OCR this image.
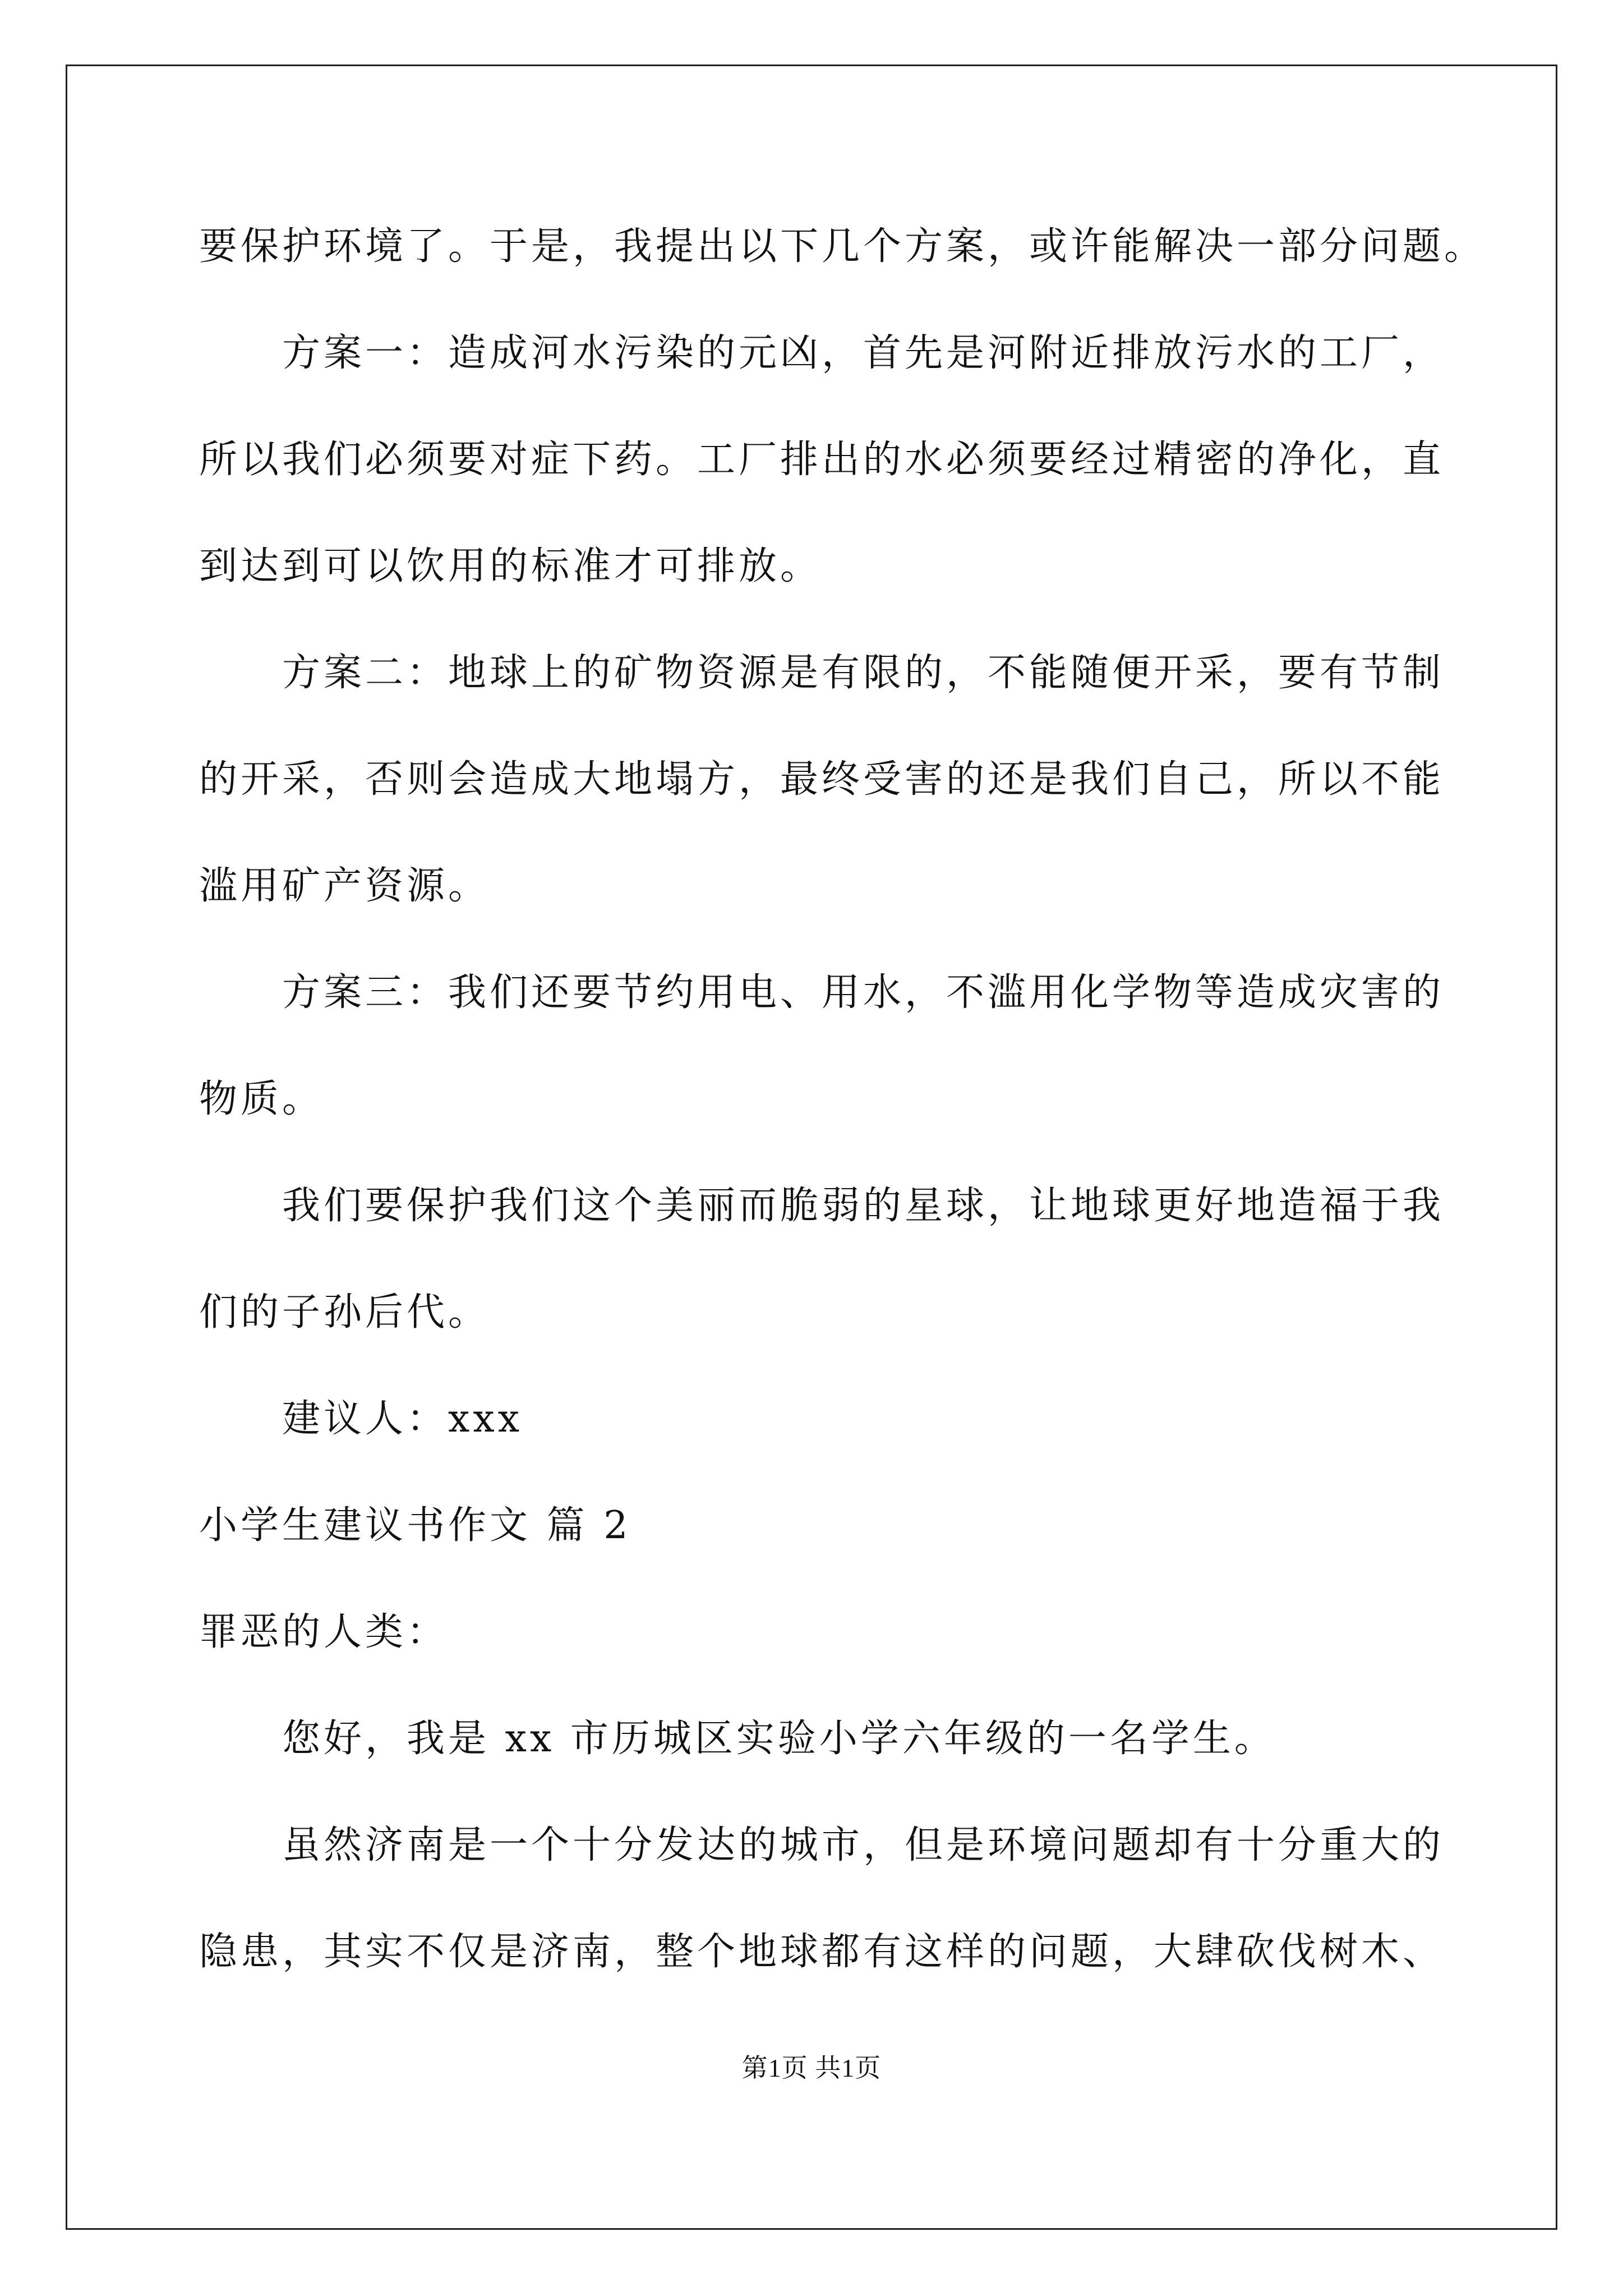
要保护环境了。于是，我提出以下几个方案，或许能解决一部分问题。
方案一：造成河水污染的元凶，首先是河附近排放污水的工厂，
所以我们必须要对症下药。工厂排出的水必须要经过精密的净化，直
到达到可以饮用的标准才可排放。
方案二：地球上的矿物资源是有限的，不能随便开采，要有节制
的开采，否则会造成大地塌方，最终受害的还是我们自己，所以不能
滥用矿产资源。
方案三：我们还要节约用电、用水，不滥用化学物等造成灾害的
物质。
我们要保护我们这个美丽而脆弱的星球，让地球更好地造福于我
们的子孙后代。
建议人：xxx
小学生建议书作文 篇 2
罪恶的人类：
您好，我是 xx 市历城区实验小学六年级的一名学生。
虽然济南是一个十分发达的城市，但是环境问题却有十分重大的
隐患，其实不仅是济南，整个地球都有这样的问题，大肆砍伐树木、
第1页 共1页
